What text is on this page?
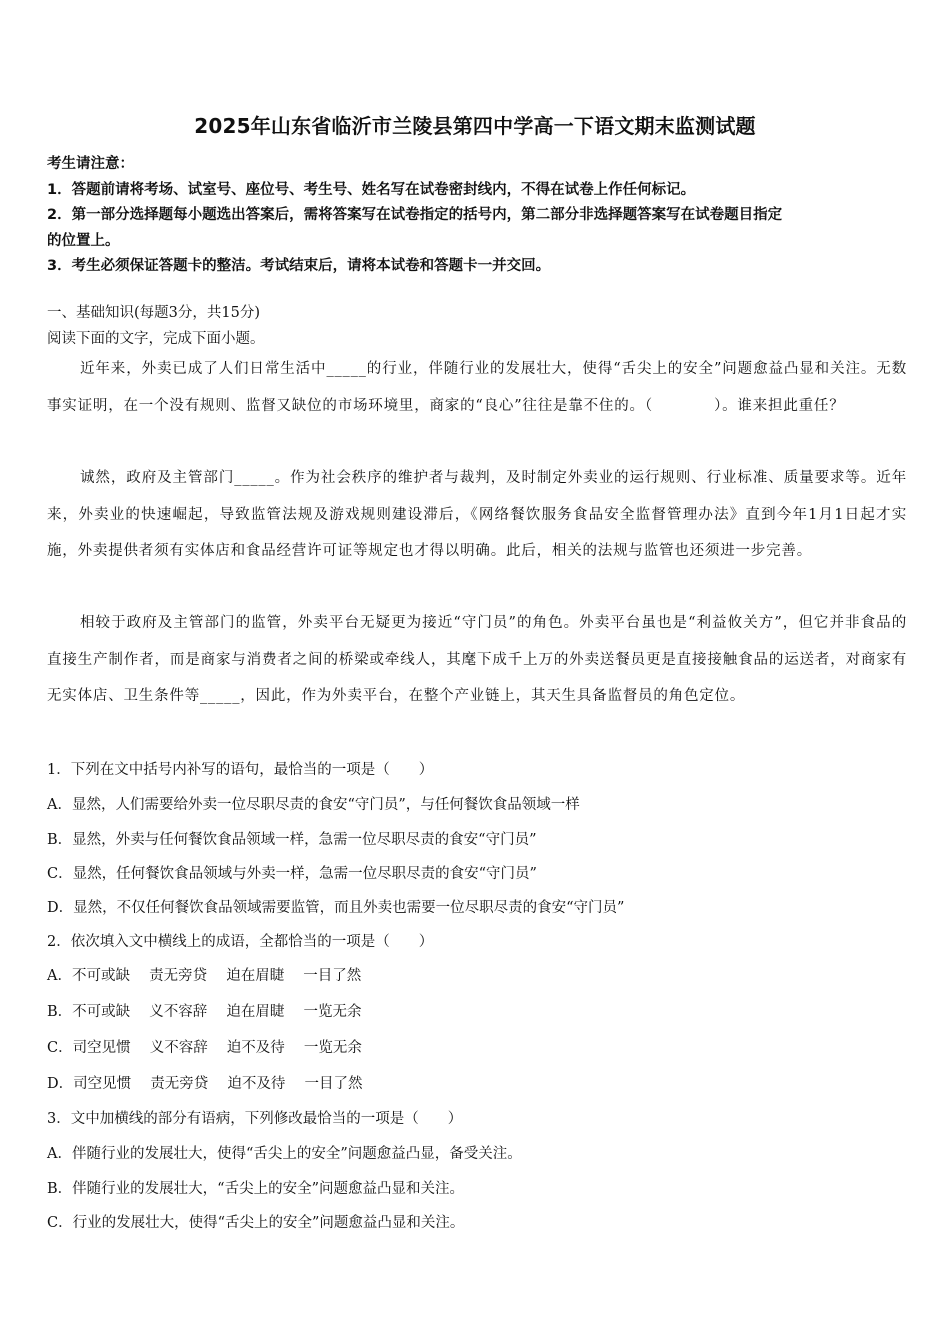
2025年山东省临沂市兰陵县第四中学高一下语文期末监测试题
考生请注意：
1．答题前请将考场、试室号、座位号、考生号、姓名写在试卷密封线内，不得在试卷上作任何标记。
2．第一部分选择题每小题选出答案后，需将答案写在试卷指定的括号内，第二部分非选择题答案写在试卷题目指定
的位置上。
3．考生必须保证答题卡的整洁。考试结束后，请将本试卷和答题卡一并交回。
一、基础知识(每题3分，共15分)
阅读下面的文字，完成下面小题。
近年来，外卖已成了人们日常生活中_____的行业，伴随行业的发展壮大，使得“舌尖上的安全”问题愈益凸显和关注。无数事实证明，在一个没有规则、监督又缺位的市场环境里，商家的“良心”往往是靠不住的。（　　　　）。谁来担此重任？
诚然，政府及主管部门_____。作为社会秩序的维护者与裁判，及时制定外卖业的运行规则、行业标准、质量要求等。近年来，外卖业的快速崛起，导致监管法规及游戏规则建设滞后，《网络餐饮服务食品安全监督管理办法》直到今年1月1日起才实施，外卖提供者须有实体店和食品经营许可证等规定也才得以明确。此后，相关的法规与监管也还须进一步完善。
相较于政府及主管部门的监管，外卖平台无疑更为接近“守门员”的角色。外卖平台虽也是“利益攸关方”，但它并非食品的直接生产制作者，而是商家与消费者之间的桥梁或牵线人，其麾下成千上万的外卖送餐员更是直接接触食品的运送者，对商家有无实体店、卫生条件等_____，因此，作为外卖平台，在整个产业链上，其天生具备监督员的角色定位。
1．下列在文中括号内补写的语句，最恰当的一项是（　　）
A．显然，人们需要给外卖一位尽职尽责的食安“守门员”，与任何餐饮食品领域一样
B．显然，外卖与任何餐饮食品领域一样，急需一位尽职尽责的食安“守门员”
C．显然，任何餐饮食品领域与外卖一样，急需一位尽职尽责的食安“守门员”
D．显然，不仅任何餐饮食品领域需要监管，而且外卖也需要一位尽职尽责的食安“守门员”
2．依次填入文中横线上的成语，全都恰当的一项是（　　）
A．不可或缺　 责无旁贷　 迫在眉睫　 一目了然
B．不可或缺　 义不容辞　 迫在眉睫　 一览无余
C．司空见惯　 义不容辞　 迫不及待　 一览无余
D．司空见惯　 责无旁贷　 迫不及待　 一目了然
3．文中加横线的部分有语病，下列修改最恰当的一项是（　　）
A．伴随行业的发展壮大，使得“舌尖上的安全”问题愈益凸显，备受关注。
B．伴随行业的发展壮大，“舌尖上的安全”问题愈益凸显和关注。
C．行业的发展壮大，使得“舌尖上的安全”问题愈益凸显和关注。
